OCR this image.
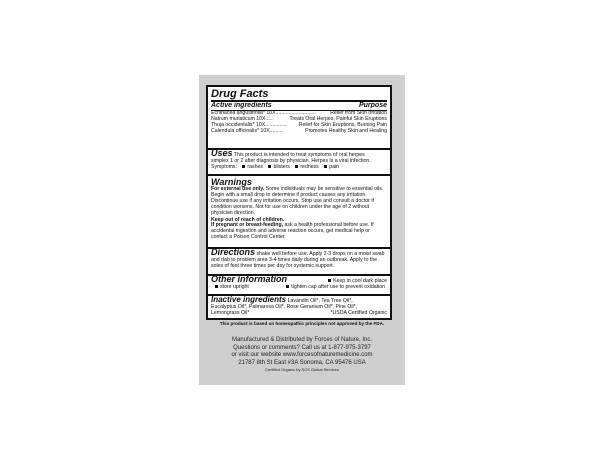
Drug Facts
Active ingredients	Purpose
Echinacea angustifolia* 10X............................	Relief from Skin Irritation
Natrum muriaticum 10X.....	Treats Oral Herpes, Painful Skin Eruptions
Thuja occidentalis* 10X............... Relief for Skin Eruptions, Burning Pain
Calendula officinalis* 10X.........	Promotes Healthy Skin and Healing
Uses This product is intended to treat symptoms of oral herpes
simplex 1 or 2 after diagnosis by physician. Herpes is a viral infection.
Symptoms: rashes blisters redness pain
Warnings
For external use only. Some individuals may be sensitive to essential oils. Begin with a small drop to determine if product causes any irritation. Discontinue use if any irritation occurs. Stop use and consult a doctor if condition worsens. Not for use on children under the age of 2 without physician direction.
Keep out of reach of children.
If pregnant or breast-feeding, ask a health professional before use. If accidental ingestion and adverse reaction occurs, get medical help or contact a Poison Control Center.
Directions shake well before use. Apply 2-3 drops on a moist swab and dab to problem area 3-4 times daily during an outbreak. Apply to the soles of feet three times per day for systemic support.
Other information	Keep in cool dark place
store upright	tighten cap after use to prevent oxidation
Inactive ingredients Lavandin Oil*, Tea Tree Oil*,
Eucalyptus Oil*, Palmarosa Oil*, Rose Geranium Oil*, Pine Oil*,
Lemongrass Oil*	*USDA Certified Organic
This product is based on homeopathic principles not approved by the FDA.
Manufactured & Distributed by Forces of Nature, Inc.
Questions or comments? Call us at 1-877-975-3797
or visit our website www.forcesofnaturemedicine.com
21787 8th St East #3A Sonoma, CA 95476 USA
Certified Organic by SCS Global Services
